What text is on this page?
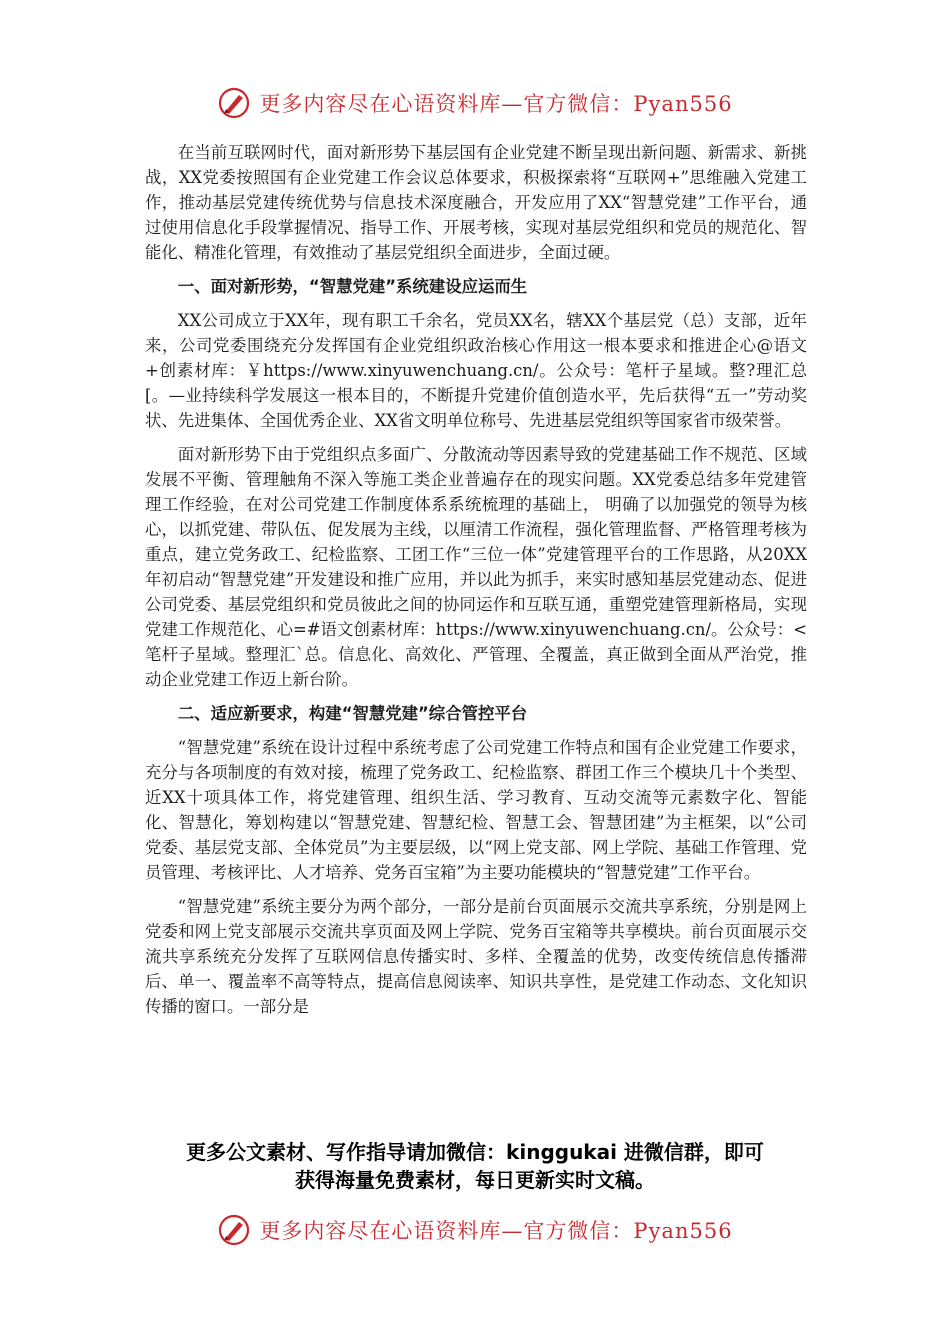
更多内容尽在心语资料库—官方微信：Pyan556

在当前互联网时代，面对新形势下基层国有企业党建不断呈现出新问题、新需求、新挑战，XX党委按照国有企业党建工作会议总体要求，积极探索将“互联网+”思维融入党建工作，推动基层党建传统优势与信息技术深度融合，开发应用了XX“智慧党建”工作平台，通过使用信息化手段掌握情况、指导工作、开展考核，实现对基层党组织和党员的规范化、智能化、精准化管理，有效推动了基层党组织全面进步，全面过硬。

一、面对新形势，“智慧党建”系统建设应运而生

XX公司成立于XX年，现有职工千余名，党员XX名，辖XX个基层党（总）支部，近年来，公司党委围绕充分发挥国有企业党组织政治核心作用这一根本要求和推进企心@语文+创素材库：￥https://www.xinyuwenchuang.cn/。公众号：笔杆子星域。整?理汇总[。—业持续科学发展这一根本目的，不断提升党建价值创造水平，先后获得“五一”劳动奖状、先进集体、全国优秀企业、XX省文明单位称号、先进基层党组织等国家省市级荣誉。

面对新形势下由于党组织点多面广、分散流动等因素导致的党建基础工作不规范、区域发展不平衡、管理触角不深入等施工类企业普遍存在的现实问题。XX党委总结多年党建管理工作经验，在对公司党建工作制度体系系统梳理的基础上， 明确了以加强党的领导为核心，以抓党建、带队伍、促发展为主线，以厘清工作流程，强化管理监督、严格管理考核为重点，建立党务政工、纪检监察、工团工作“三位一体”党建管理平台的工作思路，从20XX年初启动“智慧党建”开发建设和推广应用，并以此为抓手，来实时感知基层党建动态、促进公司党委、基层党组织和党员彼此之间的协同运作和互联互通，重塑党建管理新格局，实现党建工作规范化、心=#语文创素材库：https://www.xinyuwenchuang.cn/。公众号：<笔杆子星域。整理汇`总。信息化、高效化、严管理、全覆盖，真正做到全面从严治党，推动企业党建工作迈上新台阶。

二、适应新要求，构建“智慧党建”综合管控平台

“智慧党建”系统在设计过程中系统考虑了公司党建工作特点和国有企业党建工作要求，充分与各项制度的有效对接，梳理了党务政工、纪检监察、群团工作三个模块几十个类型、近XX十项具体工作，将党建管理、组织生活、学习教育、互动交流等元素数字化、智能化、智慧化，筹划构建以“智慧党建、智慧纪检、智慧工会、智慧团建”为主框架，以“公司党委、基层党支部、全体党员”为主要层级，以“网上党支部、网上学院、基础工作管理、党员管理、考核评比、人才培养、党务百宝箱”为主要功能模块的“智慧党建”工作平台。

“智慧党建”系统主要分为两个部分，一部分是前台页面展示交流共享系统，分别是网上党委和网上党支部展示交流共享页面及网上学院、党务百宝箱等共享模块。前台页面展示交流共享系统充分发挥了互联网信息传播实时、多样、全覆盖的优势，改变传统信息传播滞后、单一、覆盖率不高等特点，提高信息阅读率、知识共享性，是党建工作动态、文化知识传播的窗口。一部分是

更多公文素材、写作指导请加微信：kinggukai 进微信群，即可
获得海量免费素材，每日更新实时文稿。
更多内容尽在心语资料库—官方微信：Pyan556
